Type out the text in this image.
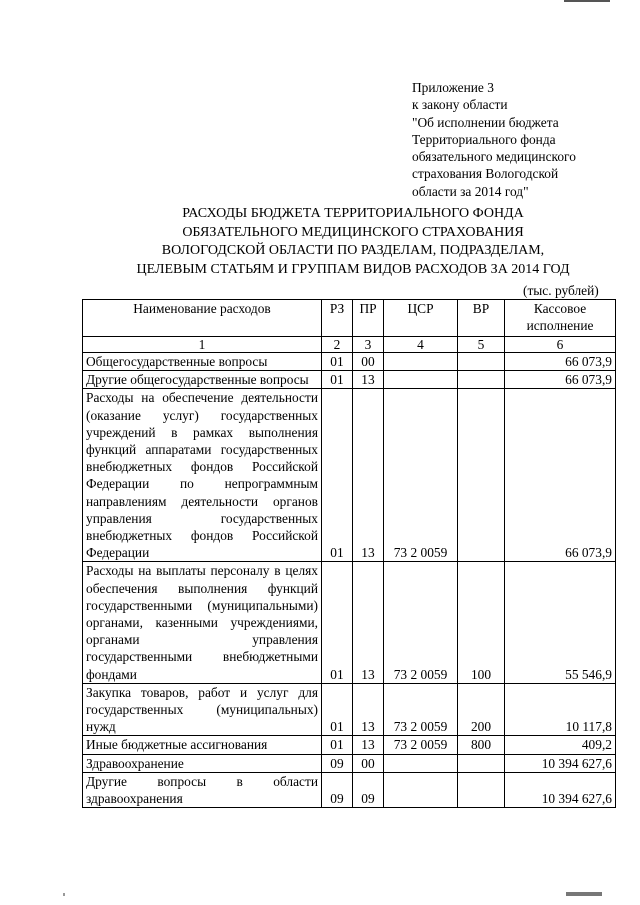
Приложение 3
к закону области
"Об исполнении бюджета
Территориального фонда
обязательного медицинского
страхования Вологодской
области за 2014 год"
РАСХОДЫ БЮДЖЕТА ТЕРРИТОРИАЛЬНОГО ФОНДА
ОБЯЗАТЕЛЬНОГО МЕДИЦИНСКОГО СТРАХОВАНИЯ
ВОЛОГОДСКОЙ ОБЛАСТИ ПО РАЗДЕЛАМ, ПОДРАЗДЕЛАМ,
ЦЕЛЕВЫМ СТАТЬЯМ И ГРУППАМ ВИДОВ РАСХОДОВ ЗА 2014 ГОД
(тыс. рублей)
Наименование расходов	РЗ	ПР	ЦСР	ВР	Кассовое исполнение
1	2	3	4	5	6
Общегосударственные вопросы	01	00			66 073,9
Другие общегосударственные вопросы	01	13			66 073,9
Расходы на обеспечение деятельности (оказание услуг) государственных учреждений в рамках выполнения функций аппаратами государственных внебюджетных фондов Российской Федерации по непрограммным направлениям деятельности органов управления государственных внебюджетных фондов Российской Федерации	01	13	73 2 0059		66 073,9
Расходы на выплаты персоналу в целях обеспечения выполнения функций государственными (муниципальными) органами, казенными учреждениями, органами управления государственными внебюджетными фондами	01	13	73 2 0059	100	55 546,9
Закупка товаров, работ и услуг для государственных (муниципальных) нужд	01	13	73 2 0059	200	10 117,8
Иные бюджетные ассигнования	01	13	73 2 0059	800	409,2
Здравоохранение	09	00			10 394 627,6
Другие вопросы в области здравоохранения	09	09			10 394 627,6
